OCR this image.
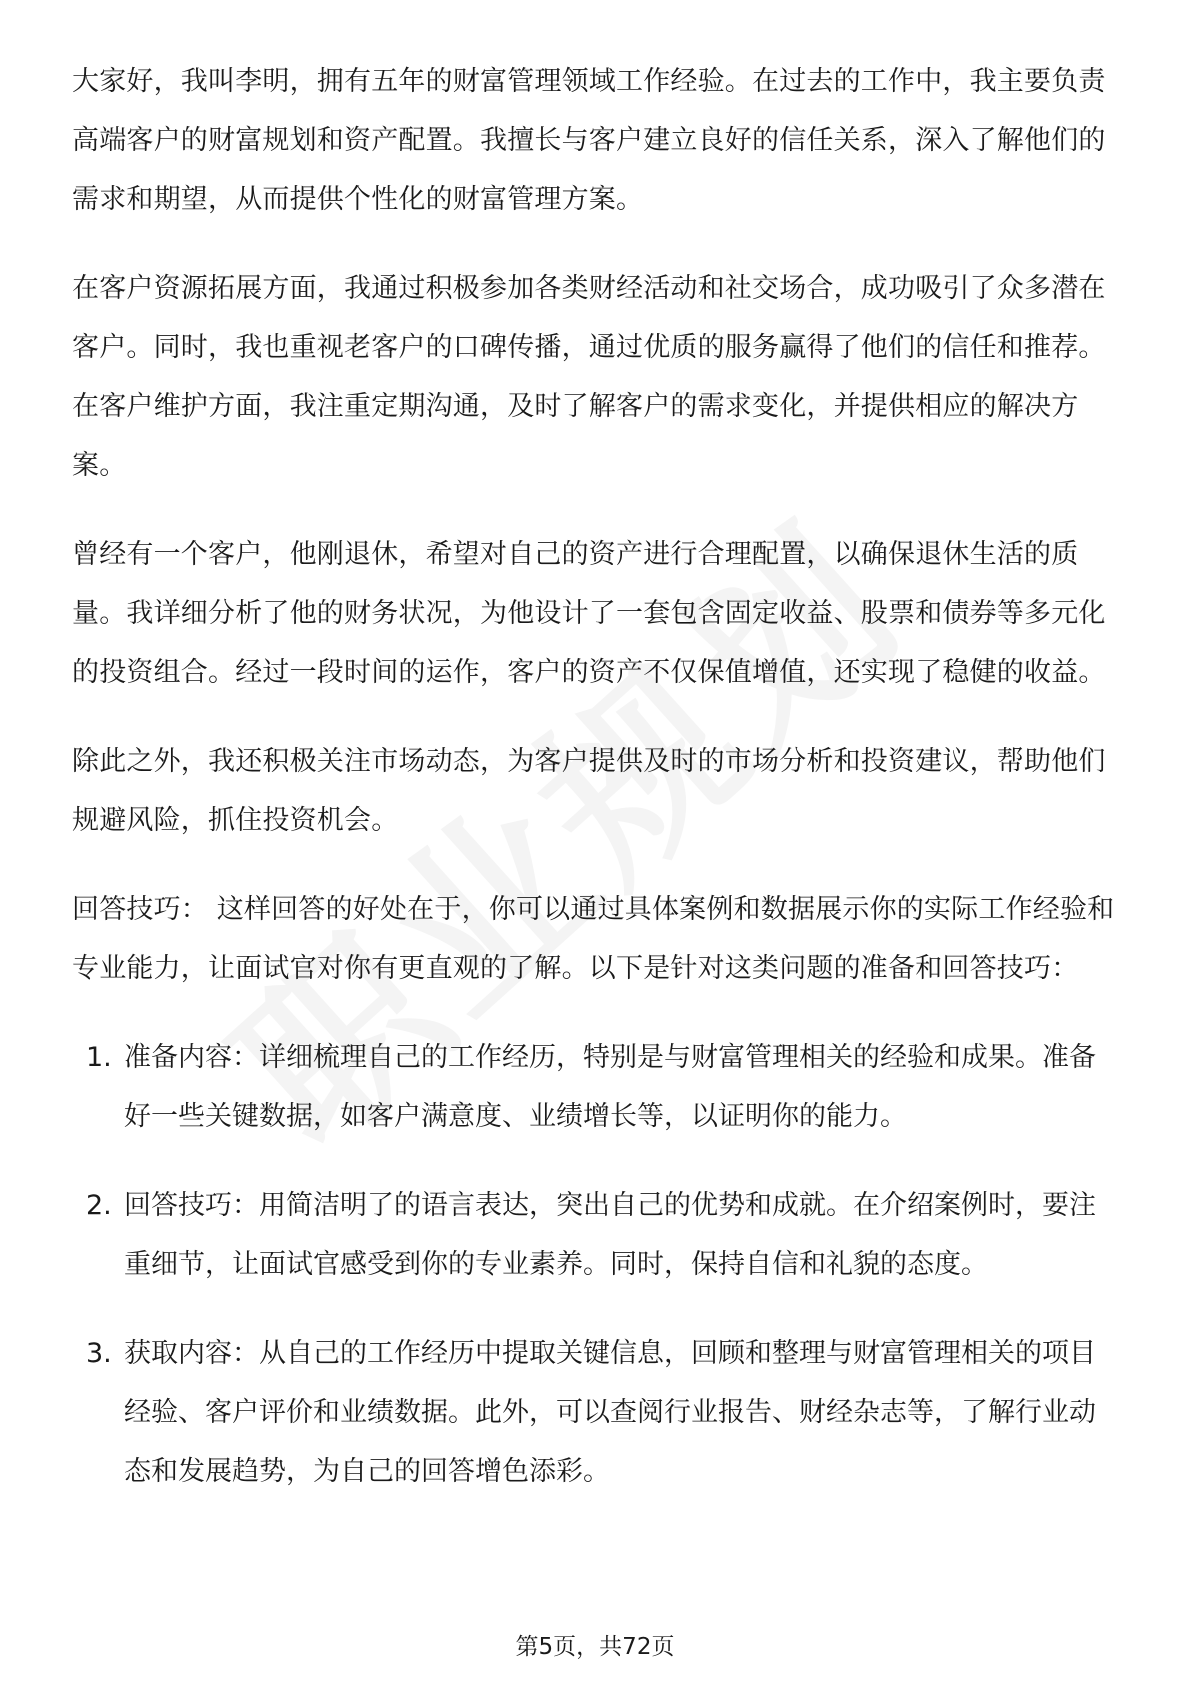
大家好，我叫李明，拥有五年的财富管理领域工作经验。在过去的工作中，我主要负责高端客户的财富规划和资产配置。我擅长与客户建立良好的信任关系，深入了解他们的需求和期望，从而提供个性化的财富管理方案。

在客户资源拓展方面，我通过积极参加各类财经活动和社交场合，成功吸引了众多潜在客户。同时，我也重视老客户的口碑传播，通过优质的服务赢得了他们的信任和推荐。在客户维护方面，我注重定期沟通，及时了解客户的需求变化，并提供相应的解决方案。

曾经有一个客户，他刚退休，希望对自己的资产进行合理配置，以确保退休生活的质量。我详细分析了他的财务状况，为他设计了一套包含固定收益、股票和债券等多元化的投资组合。经过一段时间的运作，客户的资产不仅保值增值，还实现了稳健的收益。

除此之外，我还积极关注市场动态，为客户提供及时的市场分析和投资建议，帮助他们规避风险，抓住投资机会。

回答技巧： 这样回答的好处在于，你可以通过具体案例和数据展示你的实际工作经验和专业能力，让面试官对你有更直观的了解。以下是针对这类问题的准备和回答技巧：

1. 准备内容：详细梳理自己的工作经历，特别是与财富管理相关的经验和成果。准备好一些关键数据，如客户满意度、业绩增长等，以证明你的能力。
2. 回答技巧：用简洁明了的语言表达，突出自己的优势和成就。在介绍案例时，要注重细节，让面试官感受到你的专业素养。同时，保持自信和礼貌的态度。
3. 获取内容：从自己的工作经历中提取关键信息，回顾和整理与财富管理相关的项目经验、客户评价和业绩数据。此外，可以查阅行业报告、财经杂志等，了解行业动态和发展趋势，为自己的回答增色添彩。
第5页，共72页
